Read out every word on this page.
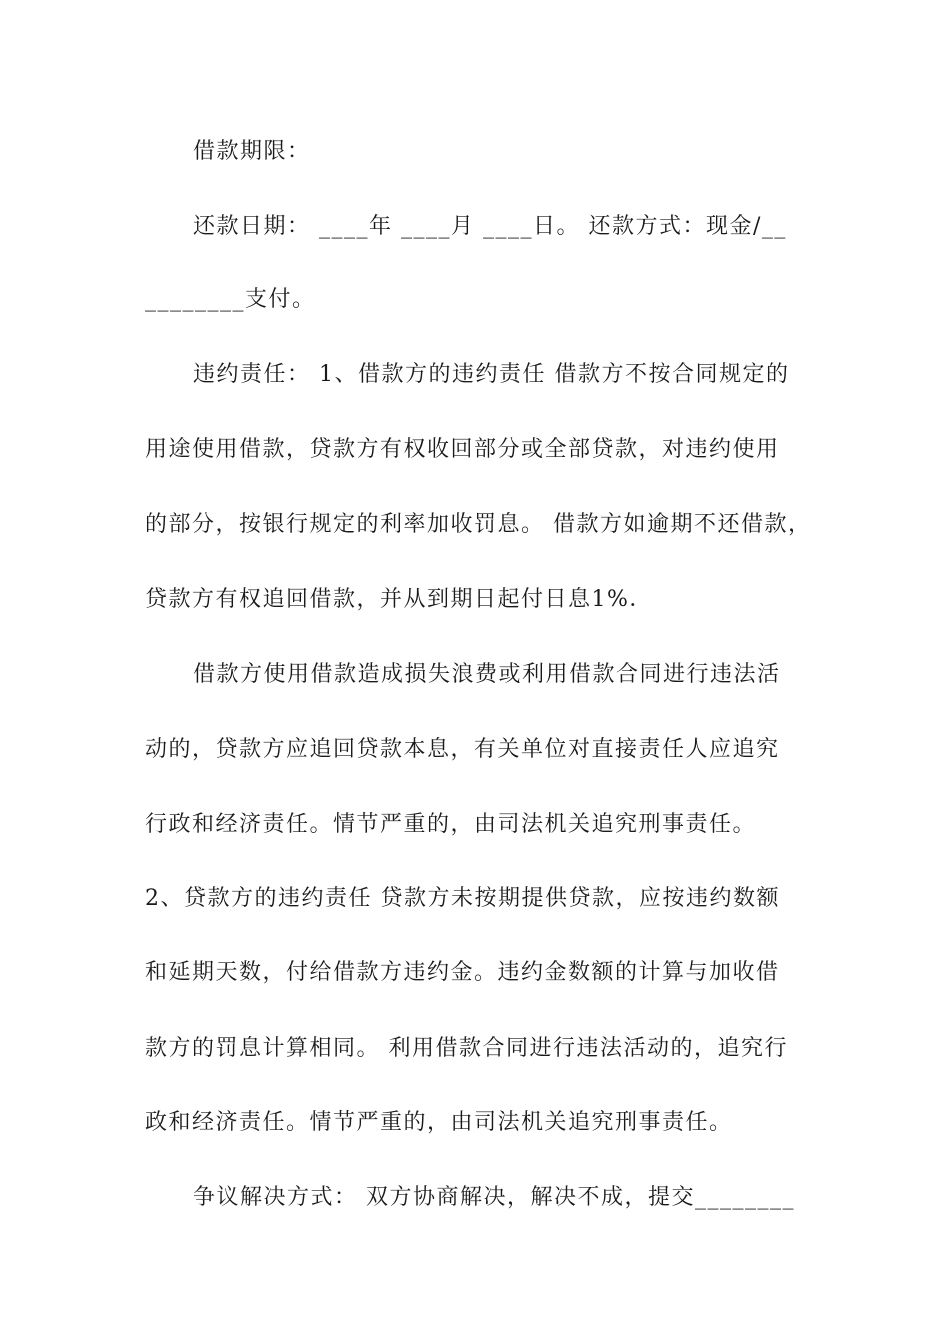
借款期限：
还款日期： ____年 ____月 ____日。 还款方式：现金/__
________支付。
违约责任： 1、借款方的违约责任 借款方不按合同规定的
用途使用借款，贷款方有权收回部分或全部贷款，对违约使用
的部分，按银行规定的利率加收罚息。 借款方如逾期不还借款，
贷款方有权追回借款，并从到期日起付日息1%．
借款方使用借款造成损失浪费或利用借款合同进行违法活
动的，贷款方应追回贷款本息，有关单位对直接责任人应追究
行政和经济责任。情节严重的，由司法机关追究刑事责任。
2、贷款方的违约责任 贷款方未按期提供贷款，应按违约数额
和延期天数，付给借款方违约金。违约金数额的计算与加收借
款方的罚息计算相同。 利用借款合同进行违法活动的，追究行
政和经济责任。情节严重的，由司法机关追究刑事责任。
争议解决方式： 双方协商解决，解决不成，提交________
